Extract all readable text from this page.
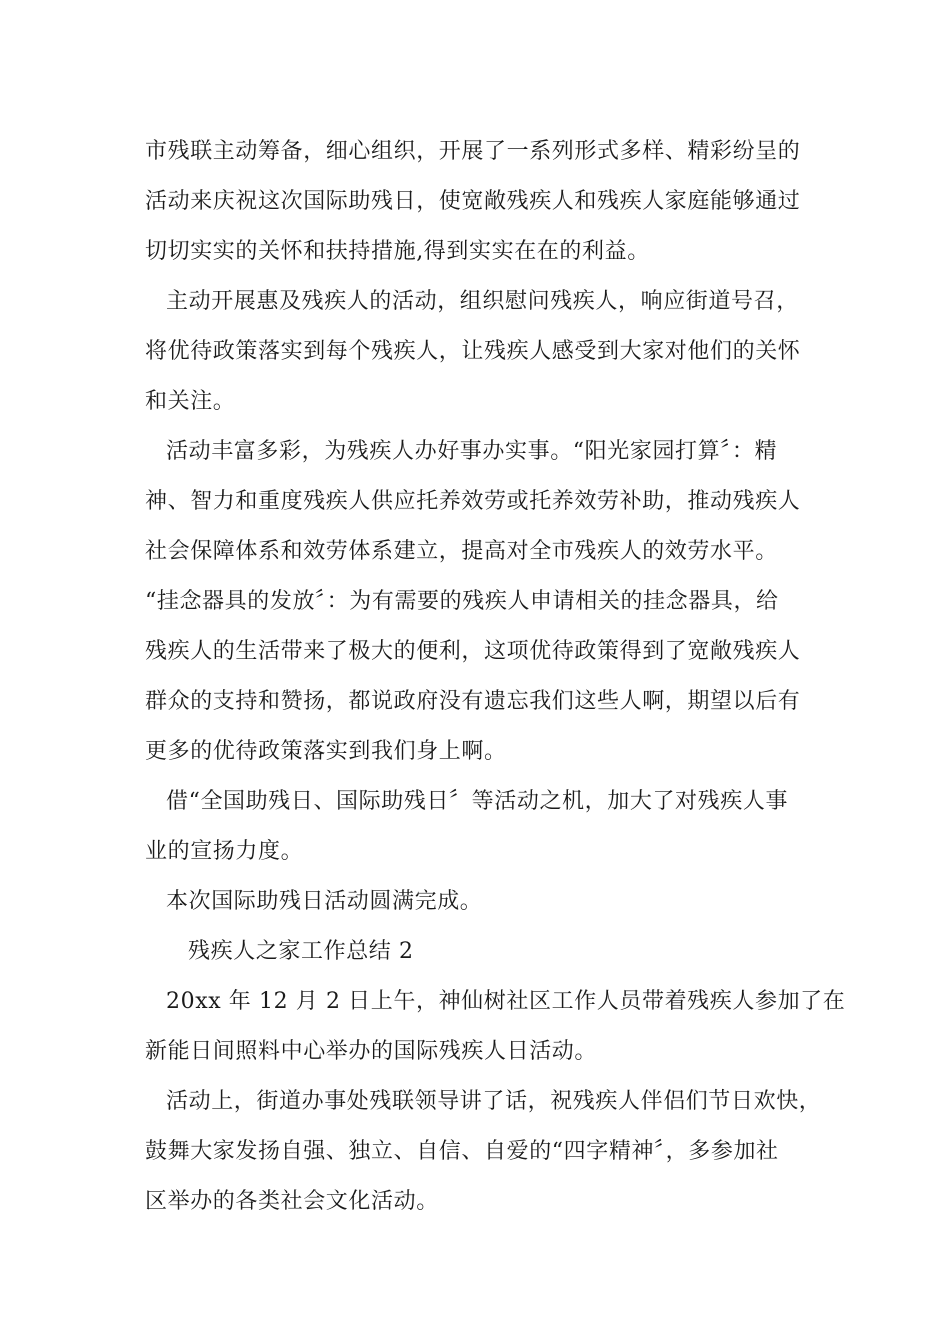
市残联主动筹备，细心组织，开展了一系列形式多样、精彩纷呈的
活动来庆祝这次国际助残日，使宽敞残疾人和残疾人家庭能够通过
切切实实的关怀和扶持措施,得到实实在在的利益。
主动开展惠及残疾人的活动，组织慰问残疾人，响应街道号召，
将优待政策落实到每个残疾人，让残疾人感受到大家对他们的关怀
和关注。
活动丰富多彩，为残疾人办好事办实事。“阳光家园打算〞：精
神、智力和重度残疾人供应托养效劳或托养效劳补助，推动残疾人
社会保障体系和效劳体系建立，提高对全市残疾人的效劳水平。
“挂念器具的发放〞：为有需要的残疾人申请相关的挂念器具，给
残疾人的生活带来了极大的便利，这项优待政策得到了宽敞残疾人
群众的支持和赞扬，都说政府没有遗忘我们这些人啊，期望以后有
更多的优待政策落实到我们身上啊。
借“全国助残日、国际助残日〞等活动之机，加大了对残疾人事
业的宣扬力度。
本次国际助残日活动圆满完成。
残疾人之家工作总结 2
20xx 年 12 月 2 日上午，神仙树社区工作人员带着残疾人参加了在
新能日间照料中心举办的国际残疾人日活动。
活动上，街道办事处残联领导讲了话，祝残疾人伴侣们节日欢快，
鼓舞大家发扬自强、独立、自信、自爱的“四字精神〞，多参加社
区举办的各类社会文化活动。
